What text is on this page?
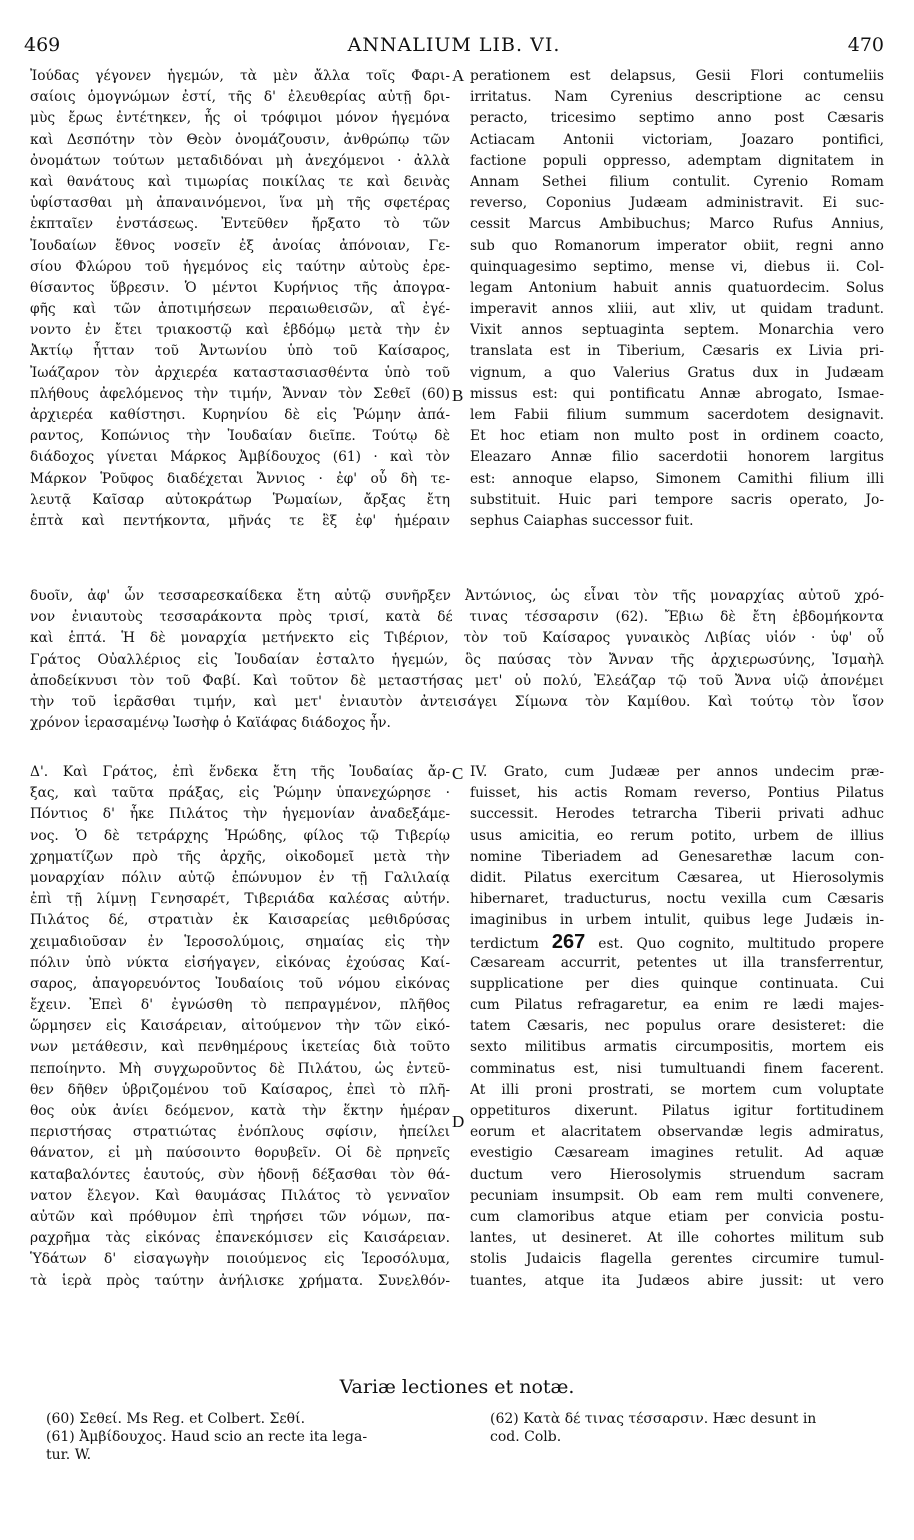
469	ANNALIUM LIB. VI.	470
A
B
C
D
Ἰούδας γέγονεν ἡγεμών, τὰ μὲν ἄλλα τοῖς Φαρι-
σαίοις ὁμογνώμων ἐστί, τῆς δ' ἐλευθερίας αὐτῇ δρι-
μὺς ἔρως ἐντέτηκεν, ἧς οἱ τρόφιμοι μόνον ἡγεμόνα
καὶ Δεσπότην τὸν Θεὸν ὀνομάζουσιν, ἀνθρώπῳ τῶν
ὀνομάτων τούτων μεταδιδόναι μὴ ἀνεχόμενοι · ἀλλὰ
καὶ θανάτους καὶ τιμωρίας ποικίλας τε καὶ δεινὰς
ὑφίστασθαι μὴ ἀπαναινόμενοι, ἵνα μὴ τῆς σφετέρας
ἐκπταῖεν ἐνστάσεως. Ἐντεῦθεν ἤρξατο τὸ τῶν
Ἰουδαίων ἔθνος νοσεῖν ἐξ ἀνοίας ἀπόνοιαν, Γε-
σίου Φλώρου τοῦ ἡγεμόνος εἰς ταύτην αὐτοὺς ἐρε-
θίσαντος ὕβρεσιν. Ὁ μέντοι Κυρήνιος τῆς ἀπογρα-
φῆς καὶ τῶν ἀποτιμήσεων περαιωθεισῶν, αἳ ἐγέ-
νοντο ἐν ἔτει τριακοστῷ καὶ ἑβδόμῳ μετὰ τὴν ἐν
Ἀκτίῳ ἧτταν τοῦ Ἀντωνίου ὑπὸ τοῦ Καίσαρος,
Ἰωάζαρον τὸν ἀρχιερέα καταστασιασθέντα ὑπὸ τοῦ
πλήθους ἀφελόμενος τὴν τιμήν, Ἄνναν τὸν Σεθεῖ (60)
ἀρχιερέα καθίστησι. Κυρηνίου δὲ εἰς Ῥώμην ἀπά-
ραντος, Κοπώνιος τὴν Ἰουδαίαν διεῖπε. Τούτῳ δὲ
διάδοχος γίνεται Μάρκος Ἀμβίδουχος (61) · καὶ τὸν
Μάρκον Ῥοῦφος διαδέχεται Ἄννιος · ἐφ' οὗ δὴ τε-
λευτᾷ Καῖσαρ αὐτοκράτωρ Ῥωμαίων, ἄρξας ἔτη
ἑπτὰ καὶ πεντήκοντα, μῆνάς τε ἓξ ἐφ' ἡμέραιν
perationem est delapsus, Gesii Flori contumeliis
irritatus. Nam Cyrenius descriptione ac censu
peracto, tricesimo septimo anno post Cæsaris
Actiacam Antonii victoriam, Joazaro pontifici,
factione populi oppresso, ademptam dignitatem in
Annam Sethei filium contulit. Cyrenio Romam
reverso, Coponius Judæam administravit. Ei suc-
cessit Marcus Ambibuchus; Marco Rufus Annius,
sub quo Romanorum imperator obiit, regni anno
quinquagesimo septimo, mense vi, diebus ii. Col-
legam Antonium habuit annis quatuordecim. Solus
imperavit annos xliii, aut xliv, ut quidam tradunt.
Vixit annos septuaginta septem. Monarchia vero
translata est in Tiberium, Cæsaris ex Livia pri-
vignum, a quo Valerius Gratus dux in Judæam
missus est: qui pontificatu Annæ abrogato, Ismae-
lem Fabii filium summum sacerdotem designavit.
Et hoc etiam non multo post in ordinem coacto,
Eleazaro Annæ filio sacerdotii honorem largitus
est: annoque elapso, Simonem Camithi filium illi
substituit. Huic pari tempore sacris operato, Jo-
sephus Caiaphas successor fuit.
δυοῖν, ἀφ' ὧν τεσσαρεσκαίδεκα ἔτη αὐτῷ συνῆρξεν Ἀντώνιος, ὡς εἶναι τὸν τῆς μοναρχίας αὐτοῦ χρό-
νον ἐνιαυτοὺς τεσσαράκοντα πρὸς τρισί, κατὰ δέ τινας τέσσαρσιν (62). Ἔβιω δὲ ἔτη ἑβδομήκοντα
καὶ ἑπτά. Ἡ δὲ μοναρχία μετήνεκτο εἰς Τιβέριον, τὸν τοῦ Καίσαρος γυναικὸς Λιβίας υἱόν · ὑφ' οὗ
Γράτος Οὐαλλέριος εἰς Ἰουδαίαν ἐσταλτο ἡγεμών, ὃς παύσας τὸν Ἄνναν τῆς ἀρχιερωσύνης, Ἰσμαὴλ
ἀποδείκνυσι τὸν τοῦ Φαβί. Καὶ τοῦτον δὲ μεταστήσας μετ' οὐ πολύ, Ἐλεάζαρ τῷ τοῦ Ἄννα υἱῷ ἀπονέμει
τὴν τοῦ ἱερᾶσθαι τιμήν, καὶ μετ' ἐνιαυτὸν ἀντεισάγει Σίμωνα τὸν Καμίθου. Καὶ τούτῳ τὸν ἴσον
χρόνον ἱερασαμένῳ Ἰωσὴφ ὁ Καϊάφας διάδοχος ἦν.
Δ'. Καὶ Γράτος, ἐπὶ ἕνδεκα ἔτη τῆς Ἰουδαίας ἄρ-
ξας, καὶ ταῦτα πράξας, εἰς Ῥώμην ὑπανεχώρησε ·
Πόντιος δ' ἧκε Πιλάτος τὴν ἡγεμονίαν ἀναδεξάμε-
νος. Ὁ δὲ τετράρχης Ἡρώδης, φίλος τῷ Τιβερίῳ
χρηματίζων πρὸ τῆς ἀρχῆς, οἰκοδομεῖ μετὰ τὴν
μοναρχίαν πόλιν αὐτῷ ἐπώνυμον ἐν τῇ Γαλιλαίᾳ
ἐπὶ τῇ λίμνῃ Γενησαρέτ, Τιβεριάδα καλέσας αὐτήν.
Πιλάτος δέ, στρατιὰν ἐκ Καισαρείας μεθιδρύσας
χειμαδιοῦσαν ἐν Ἱεροσολύμοις, σημαίας εἰς τὴν
πόλιν ὑπὸ νύκτα εἰσήγαγεν, εἰκόνας ἐχούσας Καί-
σαρος, ἀπαγορευόντος Ἰουδαίοις τοῦ νόμου εἰκόνας
ἔχειν. Ἐπεὶ δ' ἐγνώσθη τὸ πεπραγμένον, πλῆθος
ὥρμησεν εἰς Καισάρειαν, αἰτούμενον τὴν τῶν εἰκό-
νων μετάθεσιν, καὶ πενθημέρους ἱκετείας διὰ τοῦτο
πεποίηντο. Μὴ συγχωροῦντος δὲ Πιλάτου, ὡς ἐντεῦ-
θεν δῆθεν ὑβριζομένου τοῦ Καίσαρος, ἐπεὶ τὸ πλῆ-
θος οὐκ ἀνίει δεόμενον, κατὰ τὴν ἕκτην ἡμέραν
περιστήσας στρατιώτας ἐνόπλους σφίσιν, ἠπείλει
θάνατον, εἰ μὴ παύσοιντο θορυβεῖν. Οἱ δὲ πρηνεῖς
καταβαλόντες ἑαυτούς, σὺν ἡδονῇ δέξασθαι τὸν θά-
νατον ἔλεγον. Καὶ θαυμάσας Πιλάτος τὸ γενναῖον
αὐτῶν καὶ πρόθυμον ἐπὶ τηρήσει τῶν νόμων, πα-
ραχρῆμα τὰς εἰκόνας ἐπανεκόμισεν εἰς Καισάρειαν.
Ὑδάτων δ' εἰσαγωγὴν ποιούμενος εἰς Ἱεροσόλυμα,
τὰ ἱερὰ πρὸς ταύτην ἀνήλισκε χρήματα. Συνελθόν-
IV. Grato, cum Judææ per annos undecim præ-
fuisset, his actis Romam reverso, Pontius Pilatus
successit. Herodes tetrarcha Tiberii privati adhuc
usus amicitia, eo rerum potito, urbem de illius
nomine Tiberiadem ad Genesarethæ lacum con-
didit. Pilatus exercitum Cæsarea, ut Hierosolymis
hibernaret, traducturus, noctu vexilla cum Cæsaris
imaginibus in urbem intulit, quibus lege Judæis in-
terdictum 267 est. Quo cognito, multitudo propere
Cæsaream accurrit, petentes ut illa transferrentur,
supplicatione per dies quinque continuata. Cui
cum Pilatus refragaretur, ea enim re lædi majes-
tatem Cæsaris, nec populus orare desisteret: die
sexto militibus armatis circumpositis, mortem eis
comminatus est, nisi tumultuandi finem facerent.
At illi proni prostrati, se mortem cum voluptate
oppetituros dixerunt. Pilatus igitur fortitudinem
eorum et alacritatem observandæ legis admiratus,
evestigio Cæsaream imagines retulit. Ad aquæ
ductum vero Hierosolymis struendum sacram
pecuniam insumpsit. Ob eam rem multi convenere,
cum clamoribus atque etiam per convicia postu-
lantes, ut desineret. At ille cohortes militum sub
stolis Judaicis flagella gerentes circumire tumul-
tuantes, atque ita Judæos abire jussit: ut vero
Variæ lectiones et notæ.
(60) Σεθεί. Ms Reg. et Colbert. Σεθί.
(61) Ἀμβίδουχος. Haud scio an recte ita lega-
tur. W.
(62) Κατὰ δέ τινας τέσσαρσιν. Hæc desunt in
cod. Colb.
